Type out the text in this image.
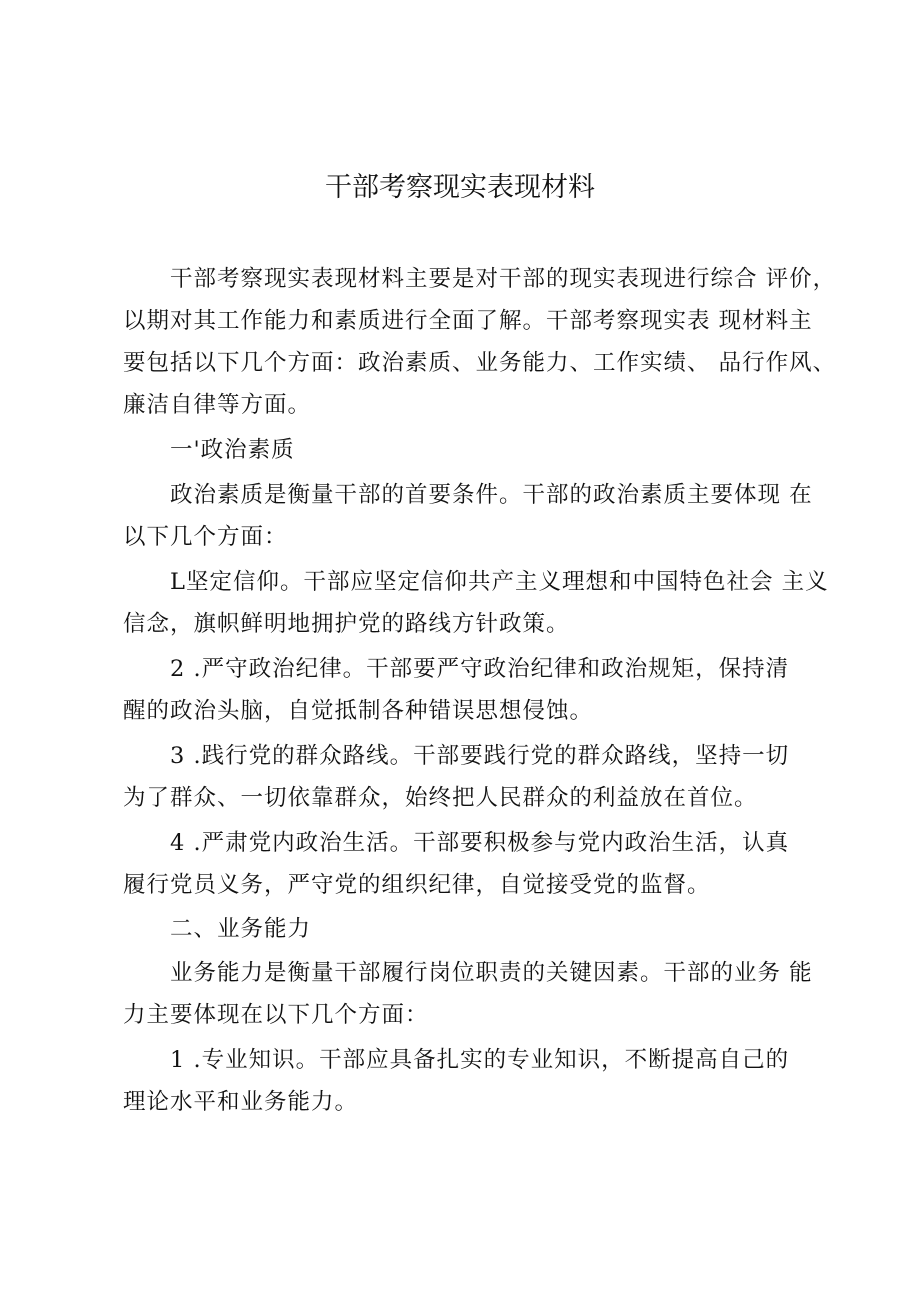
干部考察现实表现材料
干部考察现实表现材料主要是对干部的现实表现进行综合 评价，
以期对其工作能力和素质进行全面了解。干部考察现实表 现材料主
要包括以下几个方面：政治素质、业务能力、工作实绩、 品行作风、
廉洁自律等方面。
一'政治素质
政治素质是衡量干部的首要条件。干部的政治素质主要体现 在
以下几个方面：
L坚定信仰。干部应坚定信仰共产主义理想和中国特色社会 主义
信念，旗帜鲜明地拥护党的路线方针政策。
2 .严守政治纪律。干部要严守政治纪律和政治规矩，保持清
醒的政治头脑，自觉抵制各种错误思想侵蚀。
3 .践行党的群众路线。干部要践行党的群众路线，坚持一切
为了群众、一切依靠群众，始终把人民群众的利益放在首位。
4 .严肃党内政治生活。干部要积极参与党内政治生活，认真
履行党员义务，严守党的组织纪律，自觉接受党的监督。
二、业务能力
业务能力是衡量干部履行岗位职责的关键因素。干部的业务 能
力主要体现在以下几个方面：
1 .专业知识。干部应具备扎实的专业知识，不断提高自己的
理论水平和业务能力。
